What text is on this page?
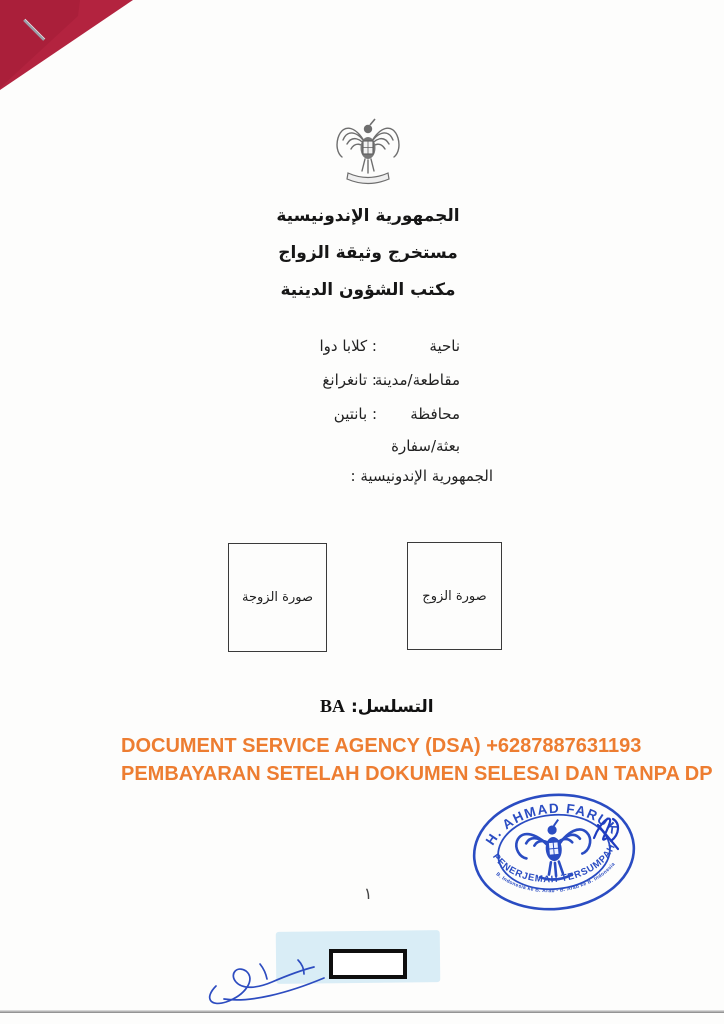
الجمهورية الإندونيسية
مستخرج وثيقة الزواج
مكتب الشؤون الدينية
ناحية
: كلابا دوا
مقاطعة/مدينة
: تانغرانغ
محافظة
: بانتين
بعثة/سفارة
الجمهورية الإندونيسية :
صورة الزوجة	صورة الزوج
التسلسل: BA
DOCUMENT SERVICE AGENCY (DSA) +6287887631193
PEMBAYARAN SETELAH DOKUMEN SELESAI DAN TANPA DP
H. AHMAD FARUK
PENERJEMAH TERSUMPAH
B. Indonesia ke B. Arab - B. Arab ke B. Indonesia
١
